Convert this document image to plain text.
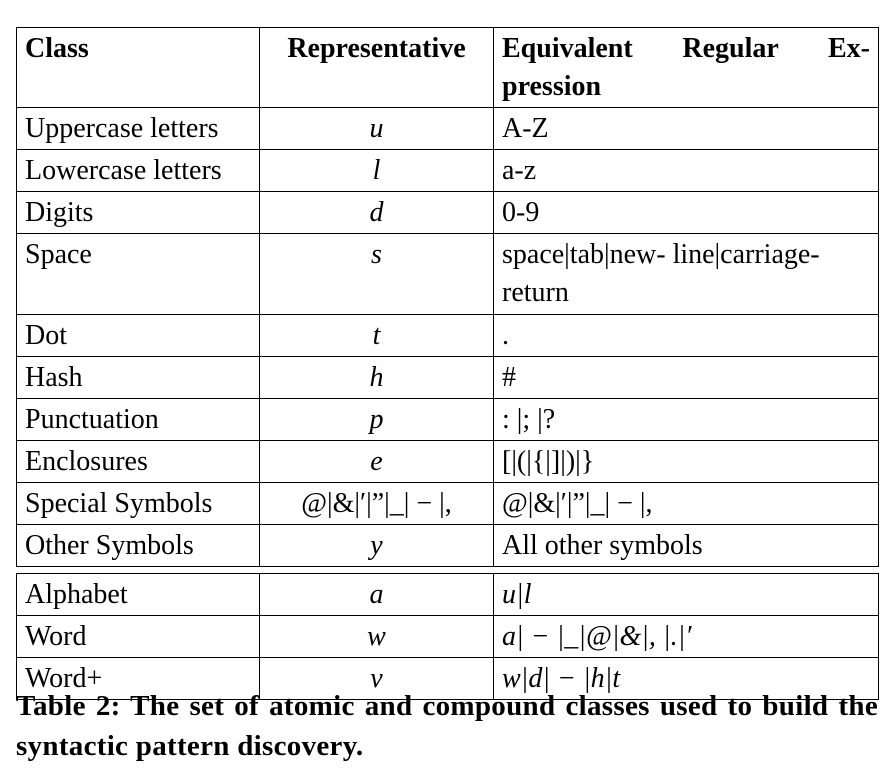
Class	Representative	Equivalent Regular Ex- pression
Uppercase letters	u	A-Z
Lowercase letters	l	a-z
Digits	d	0-9
Space	s	space|tab|new- line|carriage-return
Dot	t	.
Hash	h	#
Punctuation	p	: |; |?
Enclosures	e	[|(|{|]|)|}
Special Symbols	@|&|′|”|_| − |,	@|&|′|”|_| − |,
Other Symbols	y	All other symbols

Alphabet	a	u|l
Word	w	a| − |_|@|&|, |.|′
Word+	v	w|d| − |h|t
Table 2: The set of atomic and compound classes used to build the syntactic pattern discovery.
